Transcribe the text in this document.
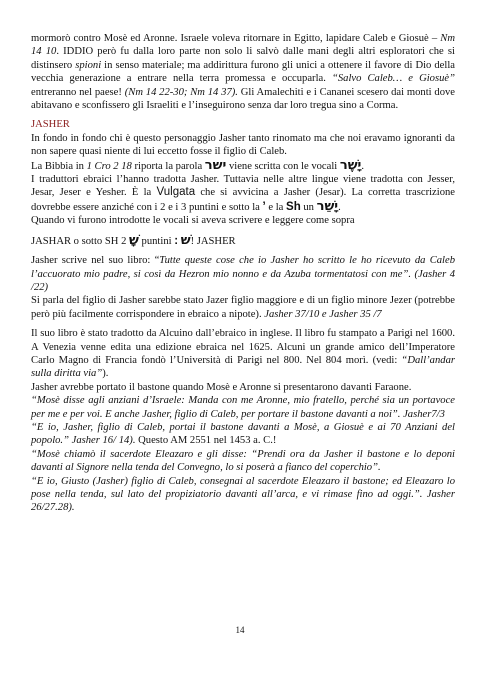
mormorò contro Mosè ed Aronne. Israele voleva ritornare in Egitto, lapidare Caleb e Giosuè – Nm 14 10. IDDIO però fu dalla loro parte non solo li salvò dalle mani degli altri esploratori che si distinsero spioni in senso materiale; ma addirittura furono gli unici a ottenere il favore di Dio della vecchia generazione a entrare nella terra promessa e occuparla. “Salvo Caleb… e Giosuè” entreranno nel paese! (Nm 14 22-30; Nm 14 37). Gli Amalechiti e i Cananei scesero dai monti dove abitavano e sconfissero gli Israeliti e l’inseguirono senza dar loro tregua sino a Corma.

JASHER

In fondo in fondo chi è questo personaggio Jasher tanto rinomato ma che noi eravamo ignoranti da non sapere quasi niente di lui eccetto fosse il figlio di Caleb.

La Bibbia in 1 Cro 2 18 riporta la parola ישר viene scritta con le vocali יָשֶׁר.

I traduttori ebraici l’hanno tradotta Jasher. Tuttavia nelle altre lingue viene tradotta con Jesser, Jesar, Jeser e Yesher. È la Vulgata che si avvicina a Jasher (Jesar). La corretta trascrizione dovrebbe essere anziché con i 2 e i 3 puntini e sotto la ’ e la Sh un יָשֵׁר.

Quando vi furono introdotte le vocali si aveva scrivere e leggere come sopra

JASHAR o sotto SH שָׁ 2 puntini : שׁ! JASHER

Jasher scrive nel suo libro: “Tutte queste cose che io Jasher ho scritto le ho ricevuto da Caleb l’accuorato mio padre, si così da Hezron mio nonno e da Azuba tormentatosi con me”. (Jasher 4 /22)

Si parla del figlio di Jasher sarebbe stato Jazer figlio maggiore e di un figlio minore Jezer (potrebbe però più facilmente corrispondere in ebraico a nipote). Jasher 37/10 e Jasher 35 /7

Il suo libro è stato tradotto da Alcuino dall’ebraico in inglese. Il libro fu stampato a Parigi nel 1600. A Venezia venne edita una edizione ebraica nel 1625. Alcuni un grande amico dell’Imperatore Carlo Magno di Francia fondò l’Università di Parigi nel 800. Nel 804 morì. (vedi: “Dall’andar sulla diritta via”).

Jasher avrebbe portato il bastone quando Mosè e Aronne si presentarono davanti Faraone.

“Mosè disse agli anziani d’Israele: Manda con me Aronne, mio fratello, perché sia un portavoce per me e per voi. E anche Jasher, figlio di Caleb, per portare il bastone davanti a noi”. Jasher7/3

“E io, Jasher, figlio di Caleb, portai il bastone davanti a Mosè, a Giosuè e ai 70 Anziani del popolo.” Jasher 16/ 14). Questo AM 2551 nel 1453 a. C.!

“Mosè chiamò il sacerdote Eleazaro e gli disse: “Prendi ora da Jasher il bastone e lo deponi davanti al Signore nella tenda del Convegno, lo si poserà a fianco del coperchio”.

“E io, Giusto (Jasher) figlio di Caleb, consegnai al sacerdote Eleazaro il bastone; ed Eleazaro lo pose nella tenda, sul lato del propiziatorio davanti all’arca, e vi rimase fino ad oggi.”. Jasher 26/27.28).

14
